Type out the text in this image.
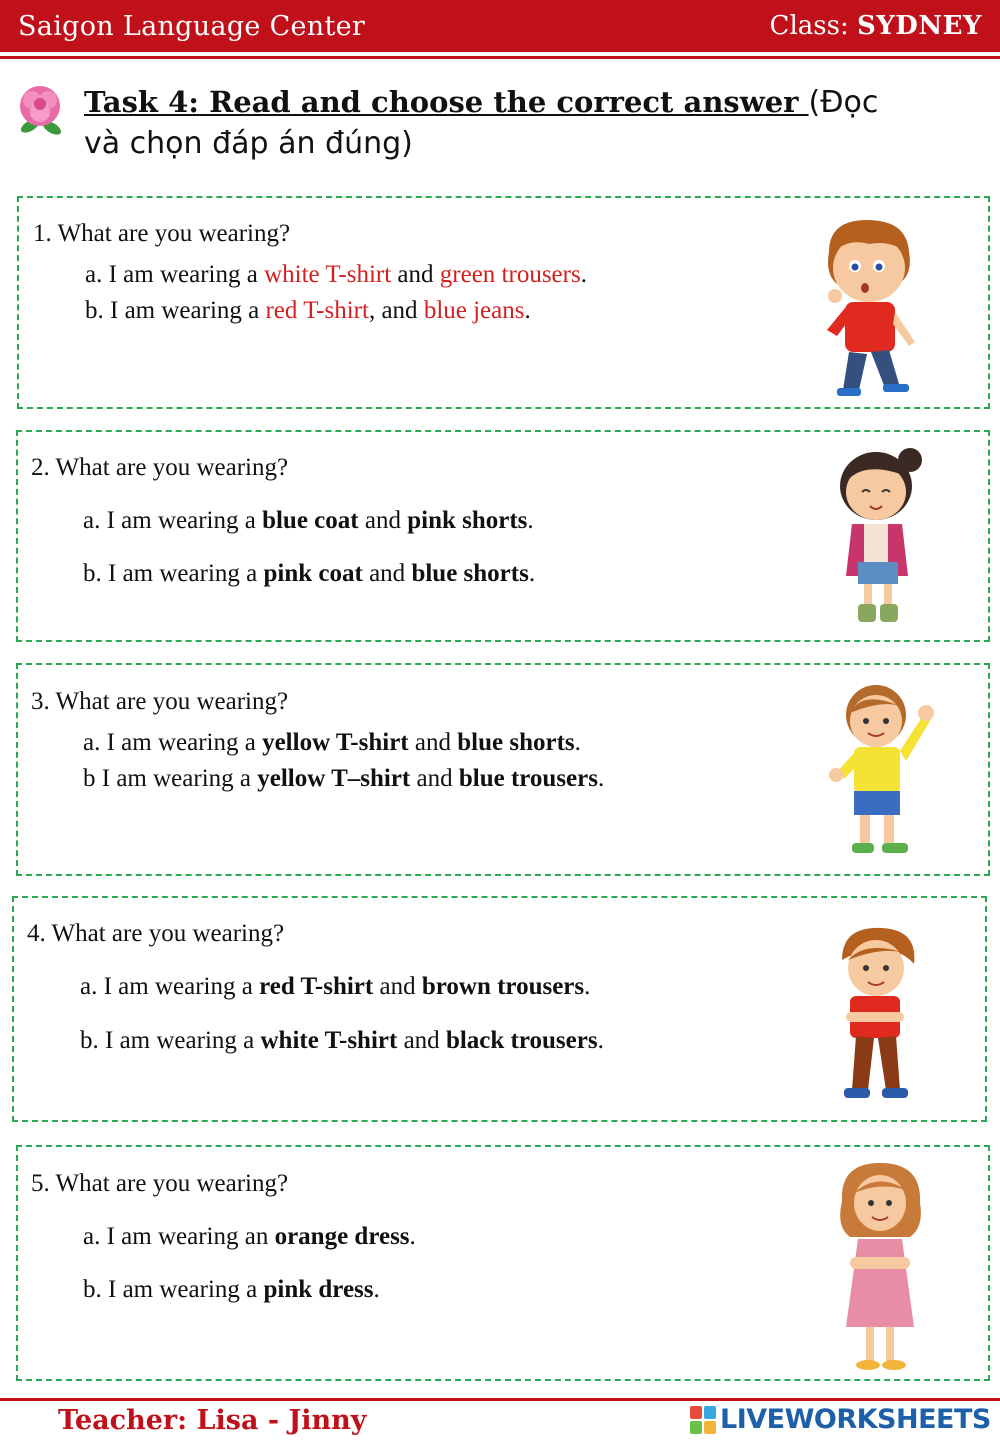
Saigon Language Center	Class: SYDNEY
Task 4: Read and choose the correct answer (Đọc
và chọn đáp án đúng)
1. What are you wearing?
a. I am wearing a white T-shirt and green trousers.
b. I am wearing a red T-shirt, and blue jeans.
2. What are you wearing?
a. I am wearing a blue coat and pink shorts.
b. I am wearing a pink coat and blue shorts.
3. What are you wearing?
a. I am wearing a yellow T-shirt and blue shorts.
b I am wearing a yellow T–shirt and blue trousers.
4. What are you wearing?
a. I am wearing a red T-shirt and brown trousers.
b. I am wearing a white T-shirt and black trousers.
5. What are you wearing?
a. I am wearing an orange dress.
b. I am wearing a pink dress.
Teacher: Lisa - Jinny	LIVEWORKSHEETS
